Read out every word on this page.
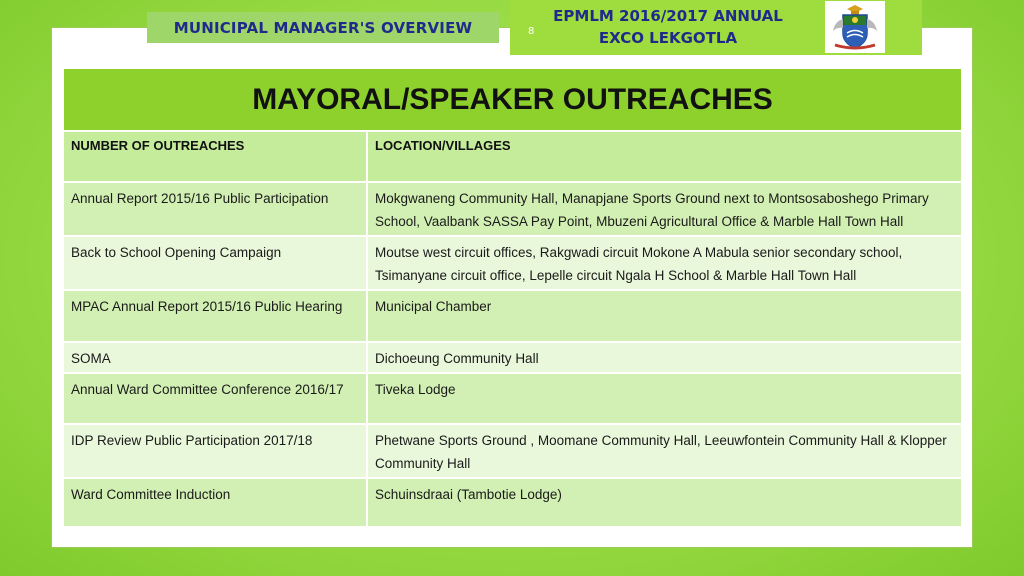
MUNICIPAL MANAGER'S OVERVIEW	8
EPMLM 2016/2017 ANNUAL
EXCO LEKGOTLA
MAYORAL/SPEAKER OUTREACHES
NUMBER OF OUTREACHES	LOCATION/VILLAGES
Annual Report 2015/16 Public Participation	Mokgwaneng Community Hall, Manapjane Sports Ground next to Montsosaboshego Primary School, Vaalbank SASSA Pay Point, Mbuzeni Agricultural Office & Marble Hall Town Hall
Back to School Opening Campaign	Moutse west circuit offices, Rakgwadi circuit Mokone A Mabula senior secondary school, Tsimanyane circuit office, Lepelle circuit Ngala H School & Marble Hall Town Hall
MPAC Annual Report 2015/16 Public Hearing	Municipal Chamber
SOMA	Dichoeung Community Hall
Annual Ward Committee Conference 2016/17	Tiveka Lodge
IDP Review Public Participation 2017/18	Phetwane Sports Ground , Moomane Community Hall, Leeuwfontein Community Hall & Klopper Community Hall
Ward Committee Induction	Schuinsdraai (Tambotie Lodge)
